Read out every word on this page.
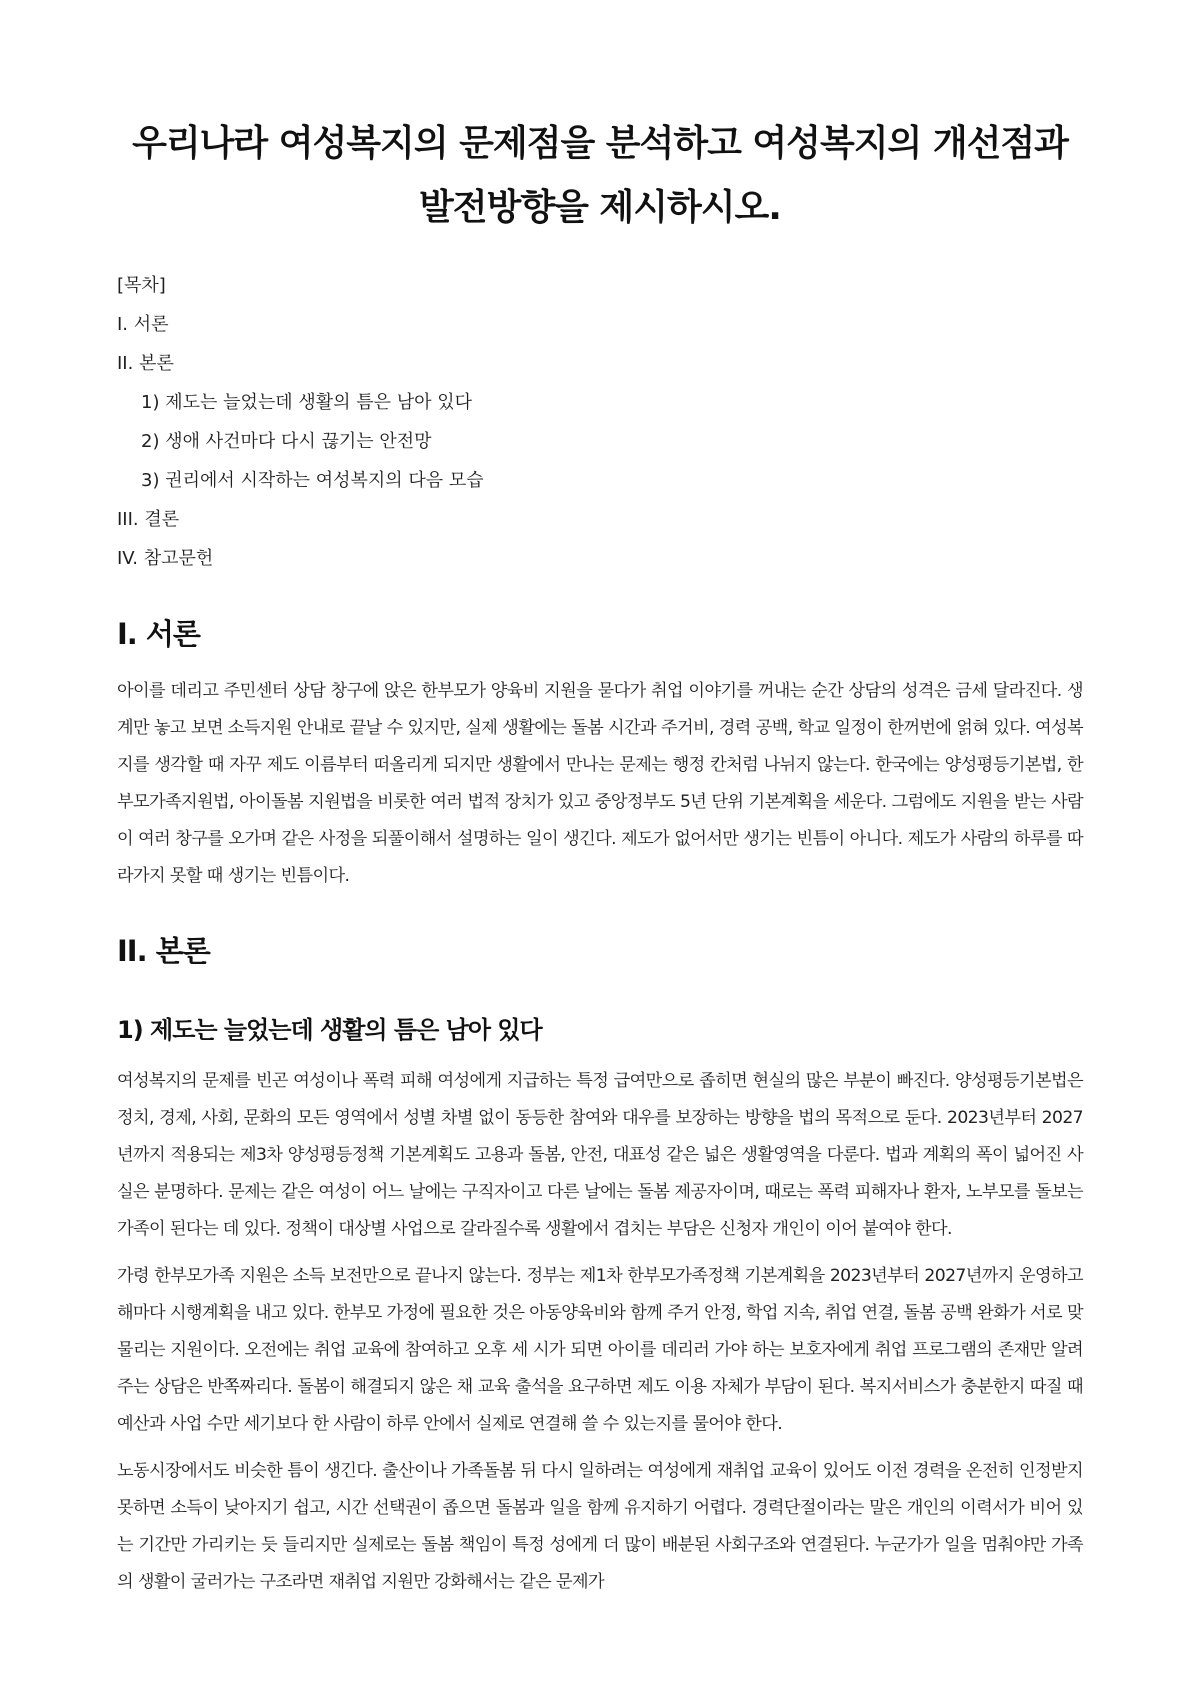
우리나라 여성복지의 문제점을 분석하고 여성복지의 개선점과
발전방향을 제시하시오.
[목차]
I. 서론
II. 본론
1) 제도는 늘었는데 생활의 틈은 남아 있다
2) 생애 사건마다 다시 끊기는 안전망
3) 권리에서 시작하는 여성복지의 다음 모습
III. 결론
IV. 참고문헌
I. 서론

아이를 데리고 주민센터 상담 창구에 앉은 한부모가 양육비 지원을 묻다가 취업 이야기를 꺼내는 순간 상담의 성격은 금세 달라진다. 생계만 놓고 보면 소득지원 안내로 끝날 수 있지만, 실제 생활에는 돌봄 시간과 주거비, 경력 공백, 학교 일정이 한꺼번에 얽혀 있다. 여성복지를 생각할 때 자꾸 제도 이름부터 떠올리게 되지만 생활에서 만나는 문제는 행정 칸처럼 나뉘지 않는다. 한국에는 양성평등기본법, 한부모가족지원법, 아이돌봄 지원법을 비롯한 여러 법적 장치가 있고 중앙정부도 5년 단위 기본계획을 세운다. 그럼에도 지원을 받는 사람이 여러 창구를 오가며 같은 사정을 되풀이해서 설명하는 일이 생긴다. 제도가 없어서만 생기는 빈틈이 아니다. 제도가 사람의 하루를 따라가지 못할 때 생기는 빈틈이다.

II. 본론
1) 제도는 늘었는데 생활의 틈은 남아 있다

여성복지의 문제를 빈곤 여성이나 폭력 피해 여성에게 지급하는 특정 급여만으로 좁히면 현실의 많은 부분이 빠진다. 양성평등기본법은 정치, 경제, 사회, 문화의 모든 영역에서 성별 차별 없이 동등한 참여와 대우를 보장하는 방향을 법의 목적으로 둔다. 2023년부터 2027년까지 적용되는 제3차 양성평등정책 기본계획도 고용과 돌봄, 안전, 대표성 같은 넓은 생활영역을 다룬다. 법과 계획의 폭이 넓어진 사실은 분명하다. 문제는 같은 여성이 어느 날에는 구직자이고 다른 날에는 돌봄 제공자이며, 때로는 폭력 피해자나 환자, 노부모를 돌보는 가족이 된다는 데 있다. 정책이 대상별 사업으로 갈라질수록 생활에서 겹치는 부담은 신청자 개인이 이어 붙여야 한다.

가령 한부모가족 지원은 소득 보전만으로 끝나지 않는다. 정부는 제1차 한부모가족정책 기본계획을 2023년부터 2027년까지 운영하고 해마다 시행계획을 내고 있다. 한부모 가정에 필요한 것은 아동양육비와 함께 주거 안정, 학업 지속, 취업 연결, 돌봄 공백 완화가 서로 맞물리는 지원이다. 오전에는 취업 교육에 참여하고 오후 세 시가 되면 아이를 데리러 가야 하는 보호자에게 취업 프로그램의 존재만 알려주는 상담은 반쪽짜리다. 돌봄이 해결되지 않은 채 교육 출석을 요구하면 제도 이용 자체가 부담이 된다. 복지서비스가 충분한지 따질 때 예산과 사업 수만 세기보다 한 사람이 하루 안에서 실제로 연결해 쓸 수 있는지를 물어야 한다.

노동시장에서도 비슷한 틈이 생긴다. 출산이나 가족돌봄 뒤 다시 일하려는 여성에게 재취업 교육이 있어도 이전 경력을 온전히 인정받지 못하면 소득이 낮아지기 쉽고, 시간 선택권이 좁으면 돌봄과 일을 함께 유지하기 어렵다. 경력단절이라는 말은 개인의 이력서가 비어 있는 기간만 가리키는 듯 들리지만 실제로는 돌봄 책임이 특정 성에게 더 많이 배분된 사회구조와 연결된다. 누군가가 일을 멈춰야만 가족의 생활이 굴러가는 구조라면 재취업 지원만 강화해서는 같은 문제가
